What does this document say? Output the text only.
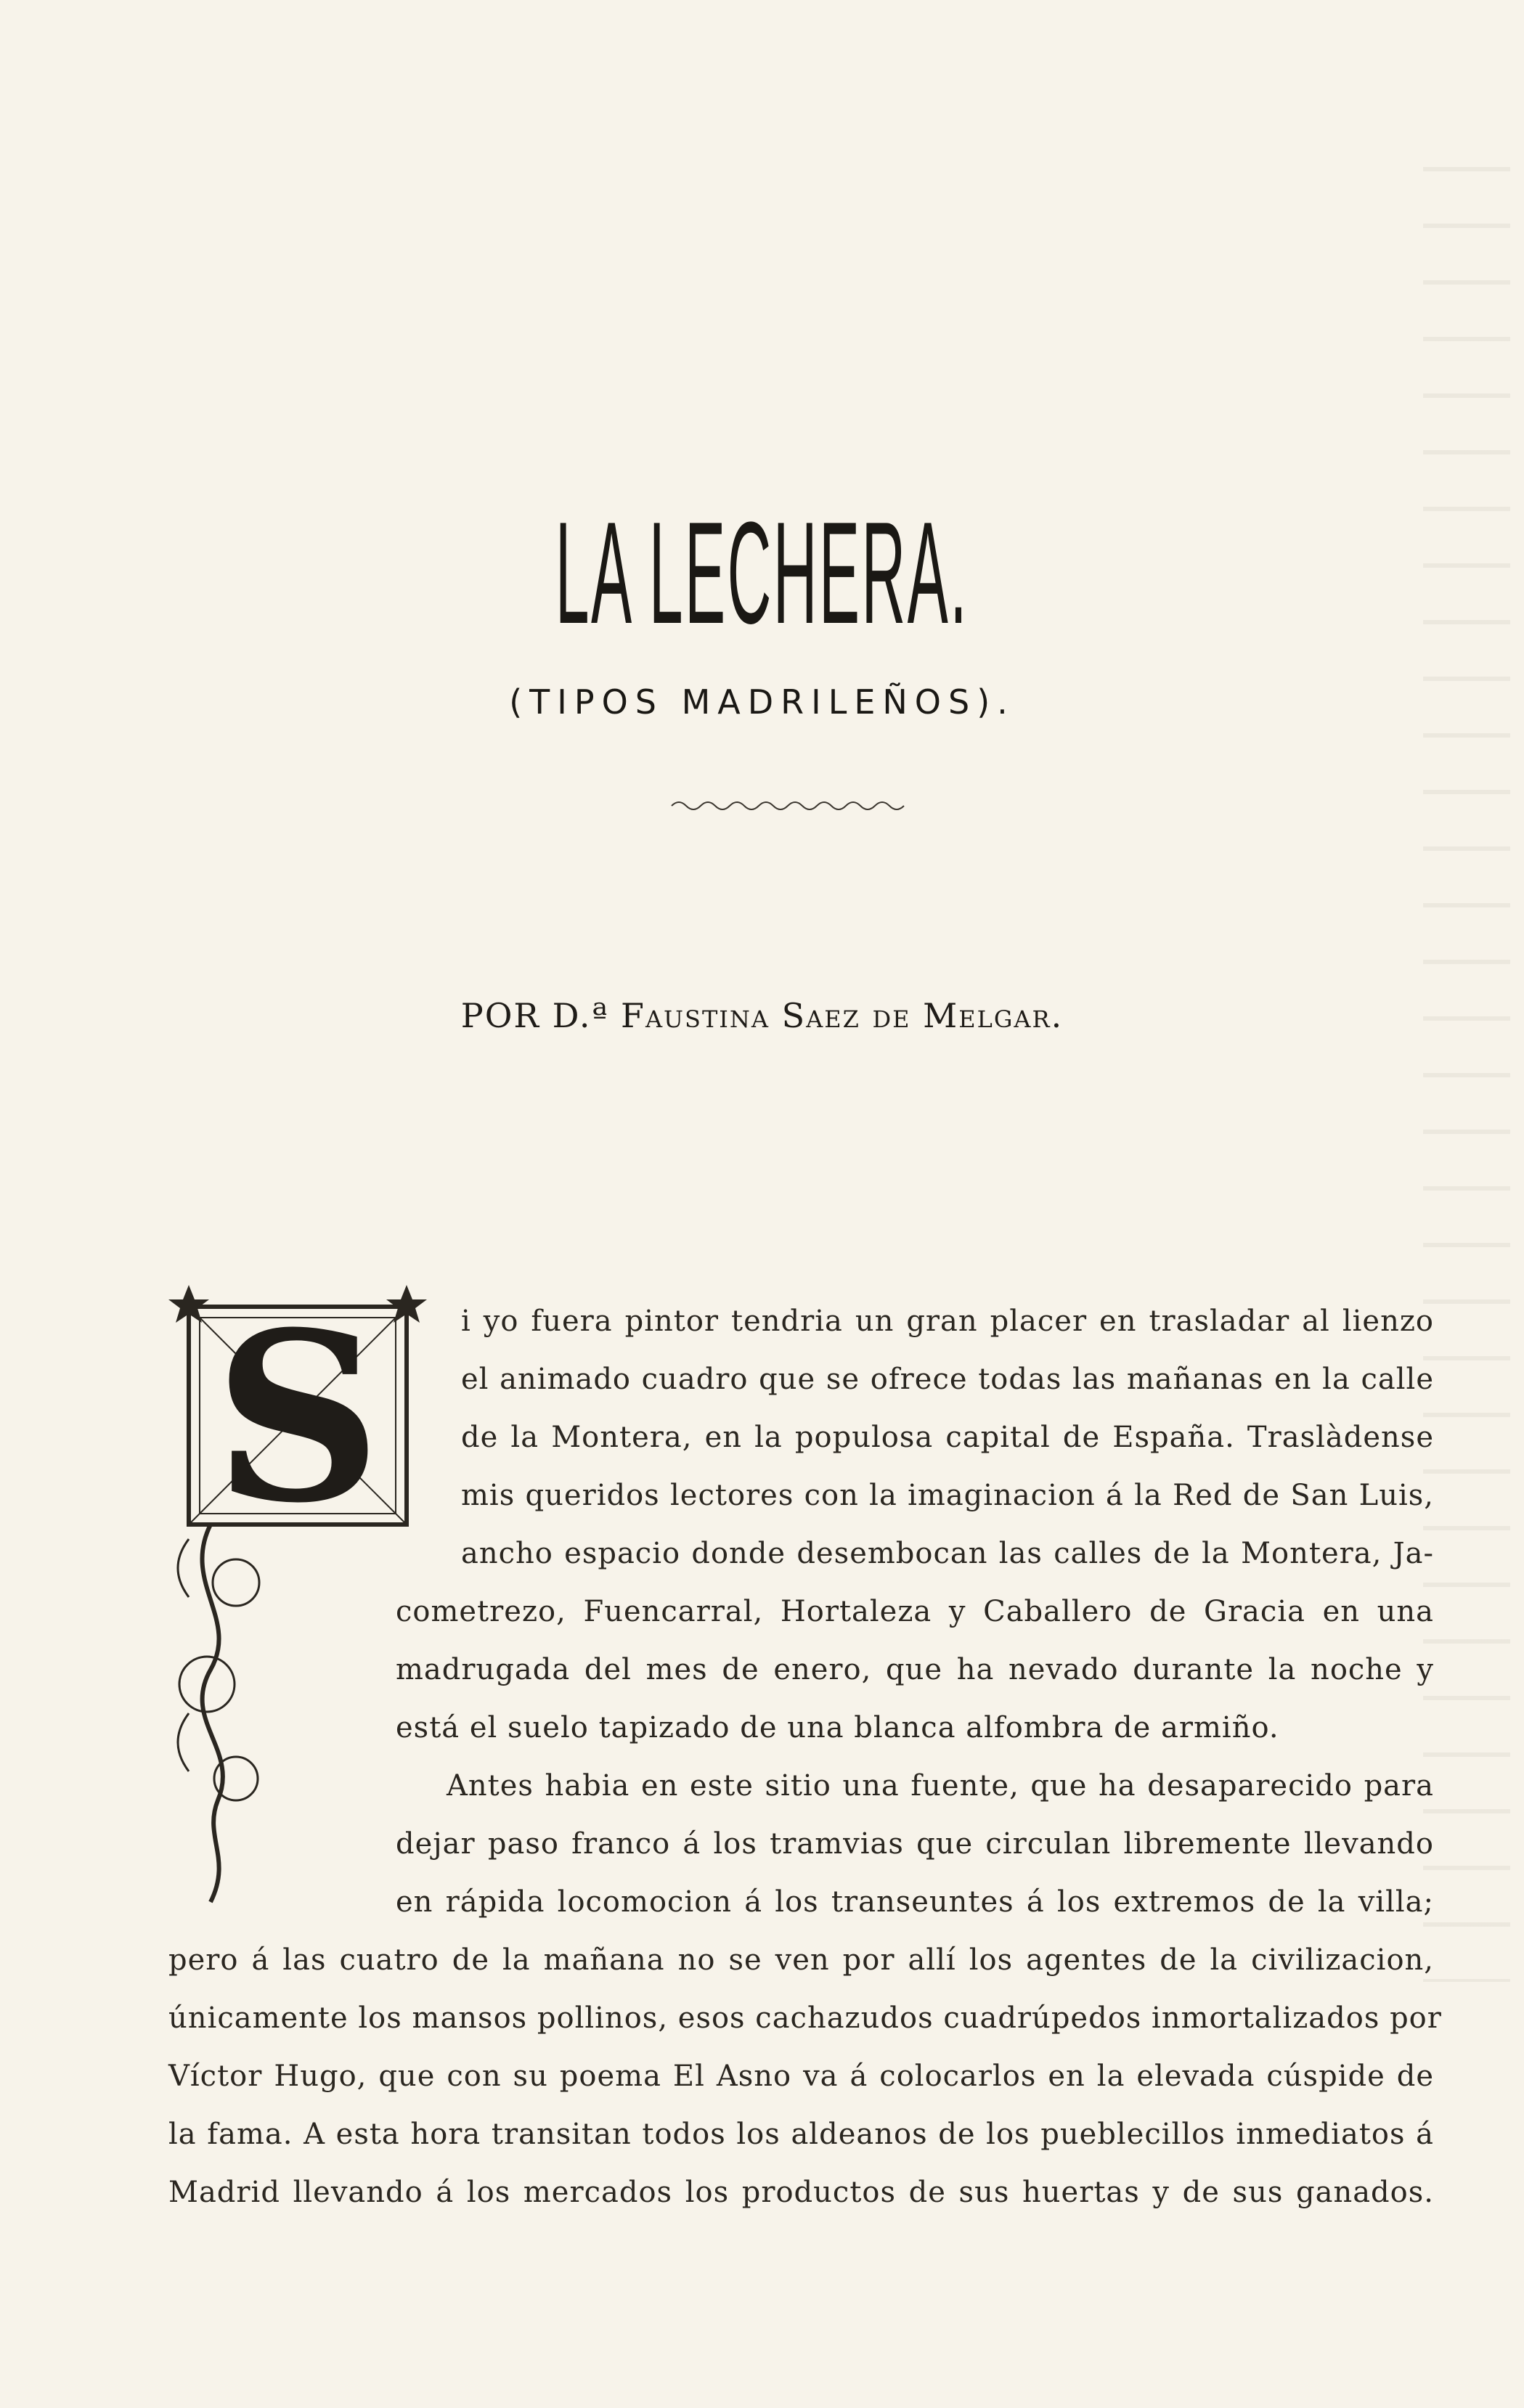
LA LECHERA.
(TIPOS MADRILEÑOS).
POR D.ª Faustina Saez de Melgar.
S	i yo fuera pintor tendria un gran placer en trasladar al lienzo
el animado cuadro que se ofrece todas las mañanas en la calle
de la Montera, en la populosa capital de España. Traslàdense
mis queridos lectores con la imaginacion á la Red de San Luis,
ancho espacio donde desembocan las calles de la Montera, Ja-
cometrezo, Fuencarral, Hortaleza y Caballero de Gracia en una
madrugada del mes de enero, que ha nevado durante la noche y
está el suelo tapizado de una blanca alfombra de armiño.
Antes habia en este sitio una fuente, que ha desaparecido para
dejar paso franco á los tramvias que circulan libremente llevando
en rápida locomocion á los transeuntes á los extremos de la villa;
pero á las cuatro de la mañana no se ven por allí los agentes de la civilizacion,
únicamente los mansos pollinos, esos cachazudos cuadrúpedos inmortalizados por
Víctor Hugo, que con su poema El Asno va á colocarlos en la elevada cúspide de
la fama. A esta hora transitan todos los aldeanos de los pueblecillos inmediatos á
Madrid llevando á los mercados los productos de sus huertas y de sus ganados.
